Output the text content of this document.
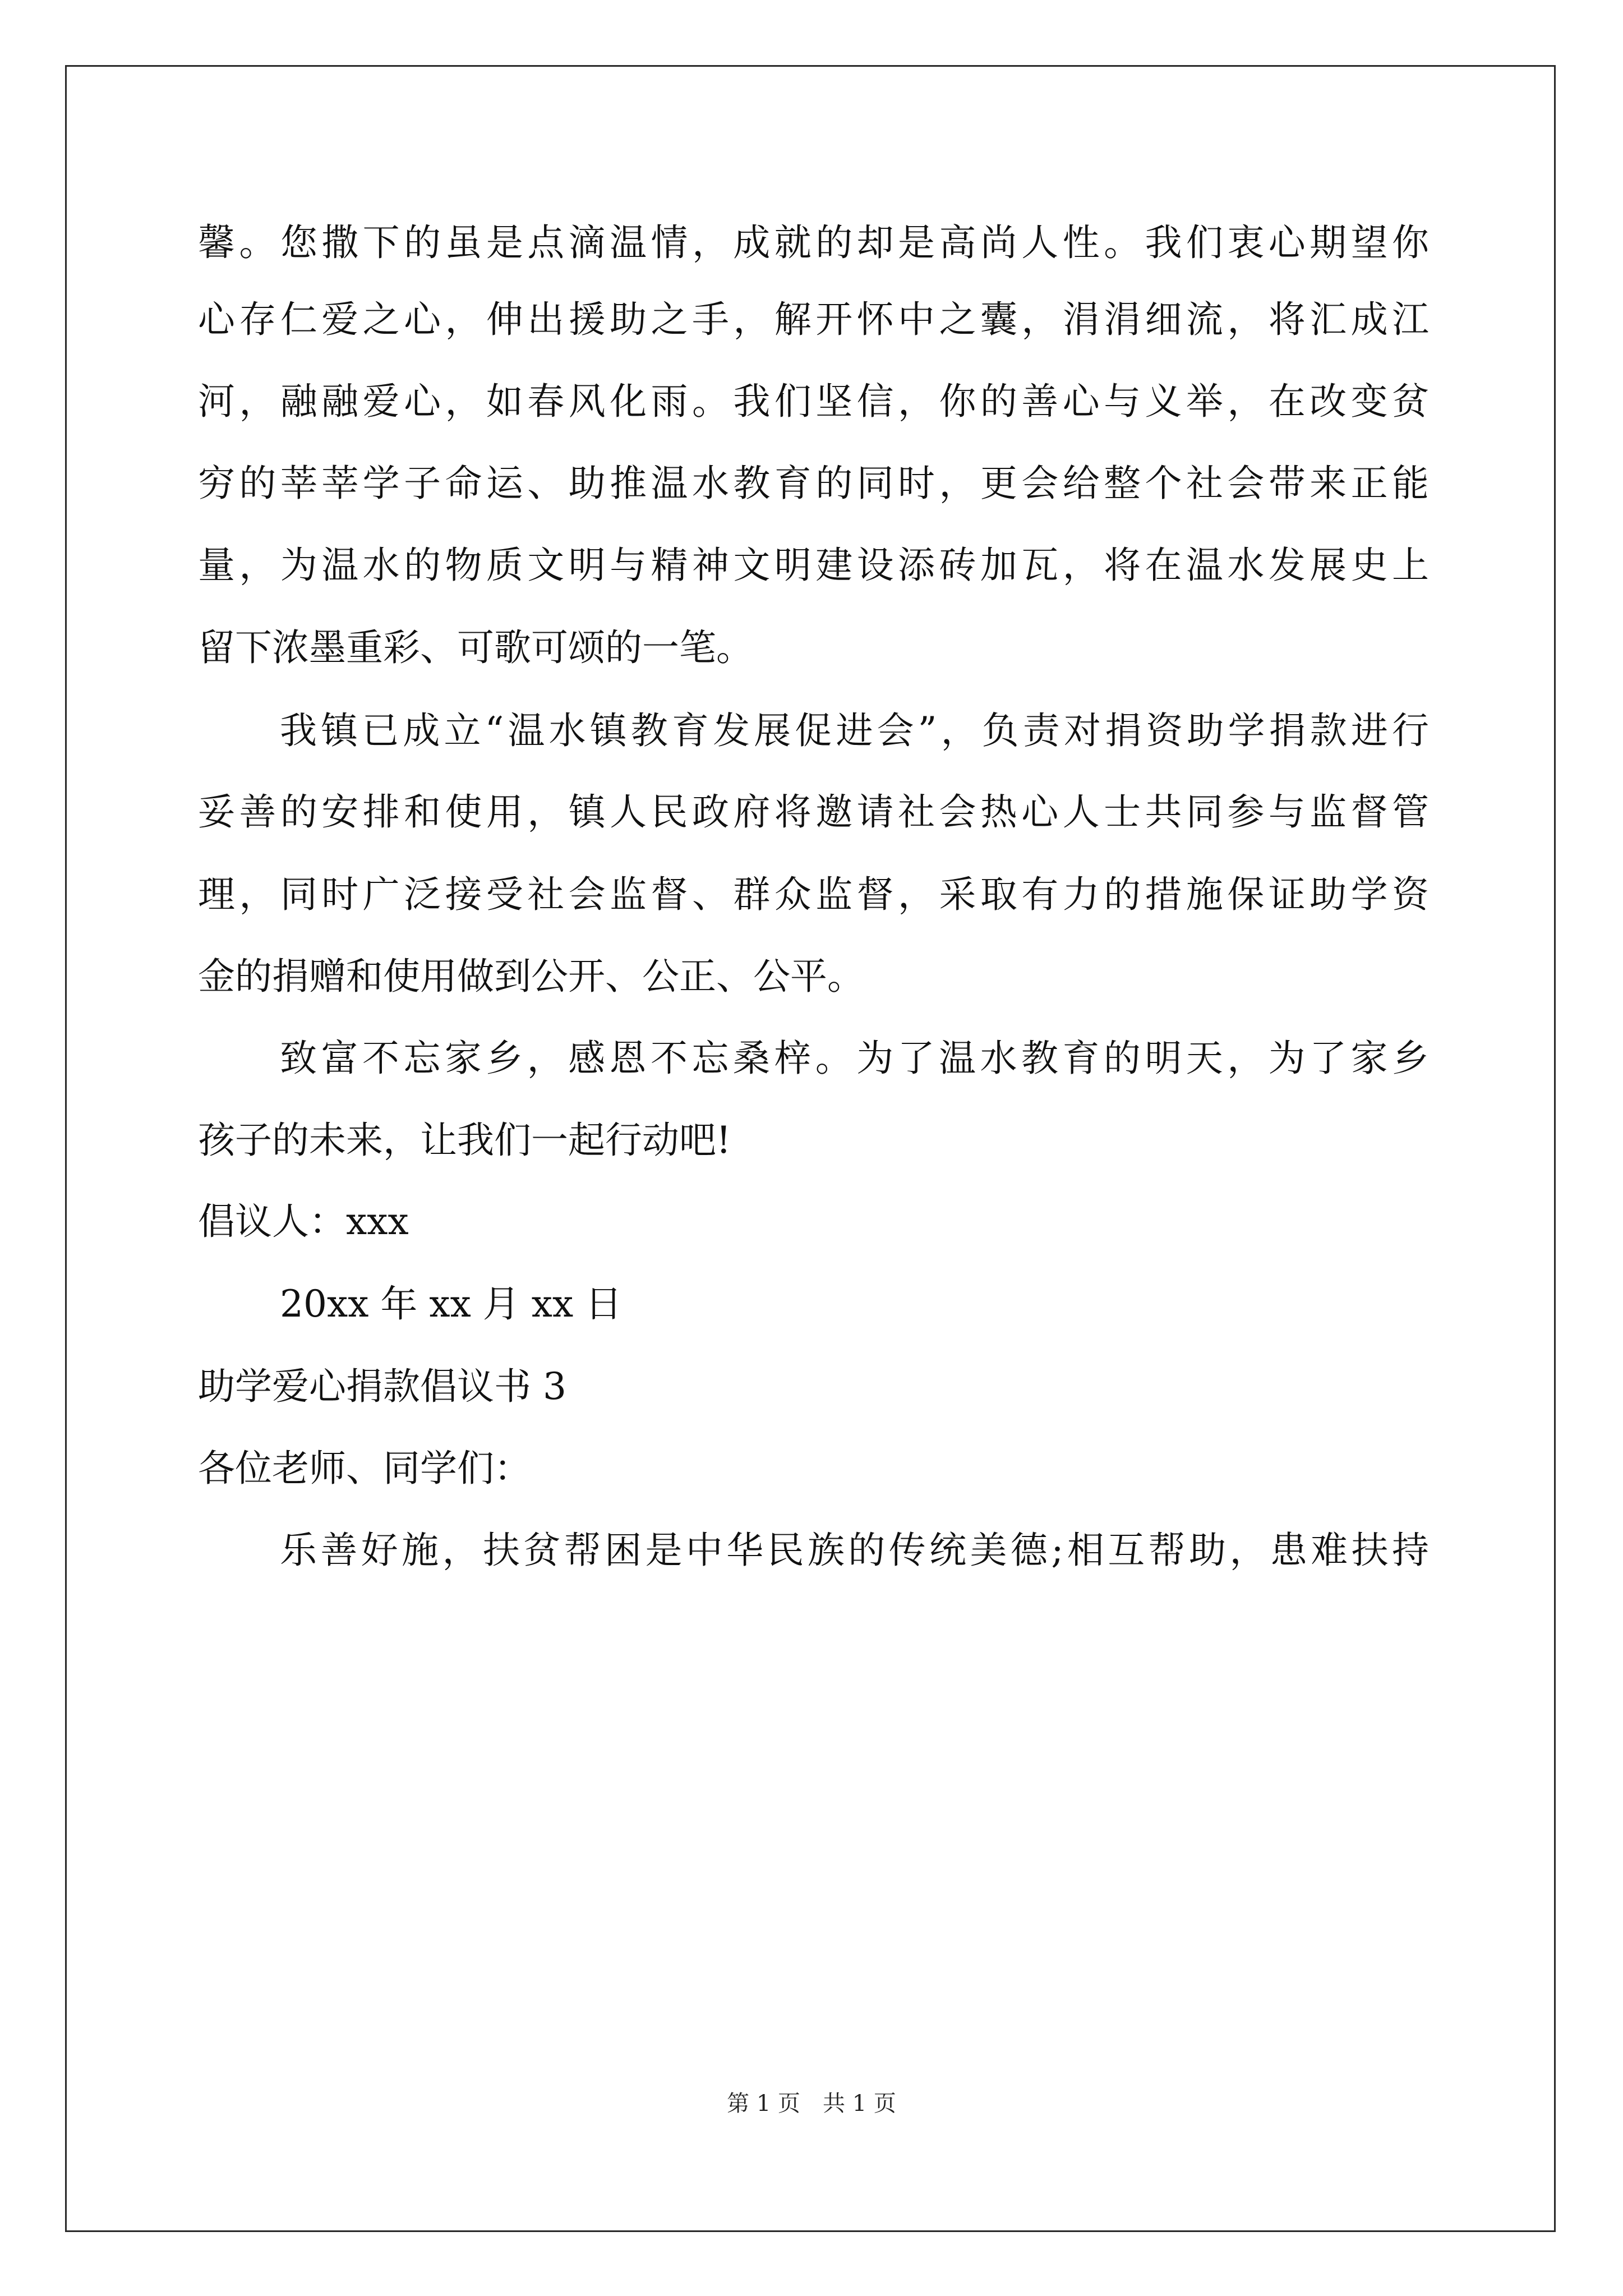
馨。您撒下的虽是点滴温情，成就的却是高尚人性。我们衷心期望你
心存仁爱之心，伸出援助之手，解开怀中之囊，涓涓细流，将汇成江
河，融融爱心，如春风化雨。我们坚信，你的善心与义举，在改变贫
穷的莘莘学子命运、助推温水教育的同时，更会给整个社会带来正能
量，为温水的物质文明与精神文明建设添砖加瓦，将在温水发展史上
留下浓墨重彩、可歌可颂的一笔。
我镇已成立“温水镇教育发展促进会”，负责对捐资助学捐款进行
妥善的安排和使用，镇人民政府将邀请社会热心人士共同参与监督管
理，同时广泛接受社会监督、群众监督，采取有力的措施保证助学资
金的捐赠和使用做到公开、公正、公平。
致富不忘家乡，感恩不忘桑梓。为了温水教育的明天，为了家乡
孩子的未来，让我们一起行动吧!
倡议人：xxx
20xx 年 xx 月 xx 日
助学爱心捐款倡议书 3
各位老师、同学们：
乐善好施，扶贫帮困是中华民族的传统美德;相互帮助，患难扶持
第 1 页 共 1 页
